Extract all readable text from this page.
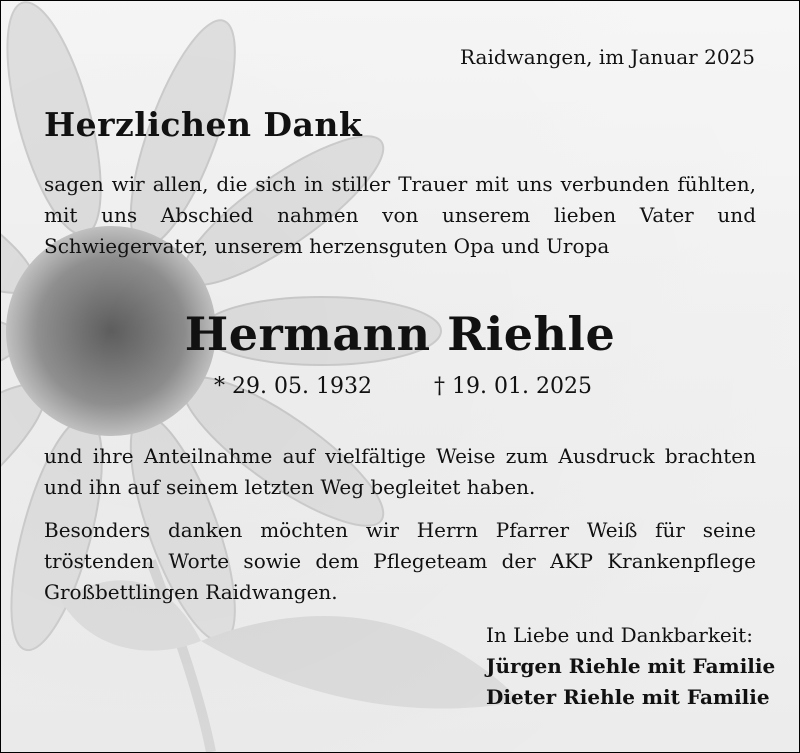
Raidwangen, im Januar 2025
Herzlichen Dank
sagen wir allen, die sich in stiller Trauer mit uns verbunden fühlten, mit uns Abschied nahmen von unserem lieben Vater und Schwiegervater, unserem herzensguten Opa und Uropa
Hermann Riehle
* 29. 05. 1932	† 19. 01. 2025
und ihre Anteilnahme auf vielfältige Weise zum Ausdruck brachten und ihn auf seinem letzten Weg begleitet haben.
Besonders danken möchten wir Herrn Pfarrer Weiß für seine tröstenden Worte sowie dem Pflegeteam der AKP Krankenpflege Großbettlingen Raidwangen.
In Liebe und Dankbarkeit:
Jürgen Riehle mit Familie
Dieter Riehle mit Familie
